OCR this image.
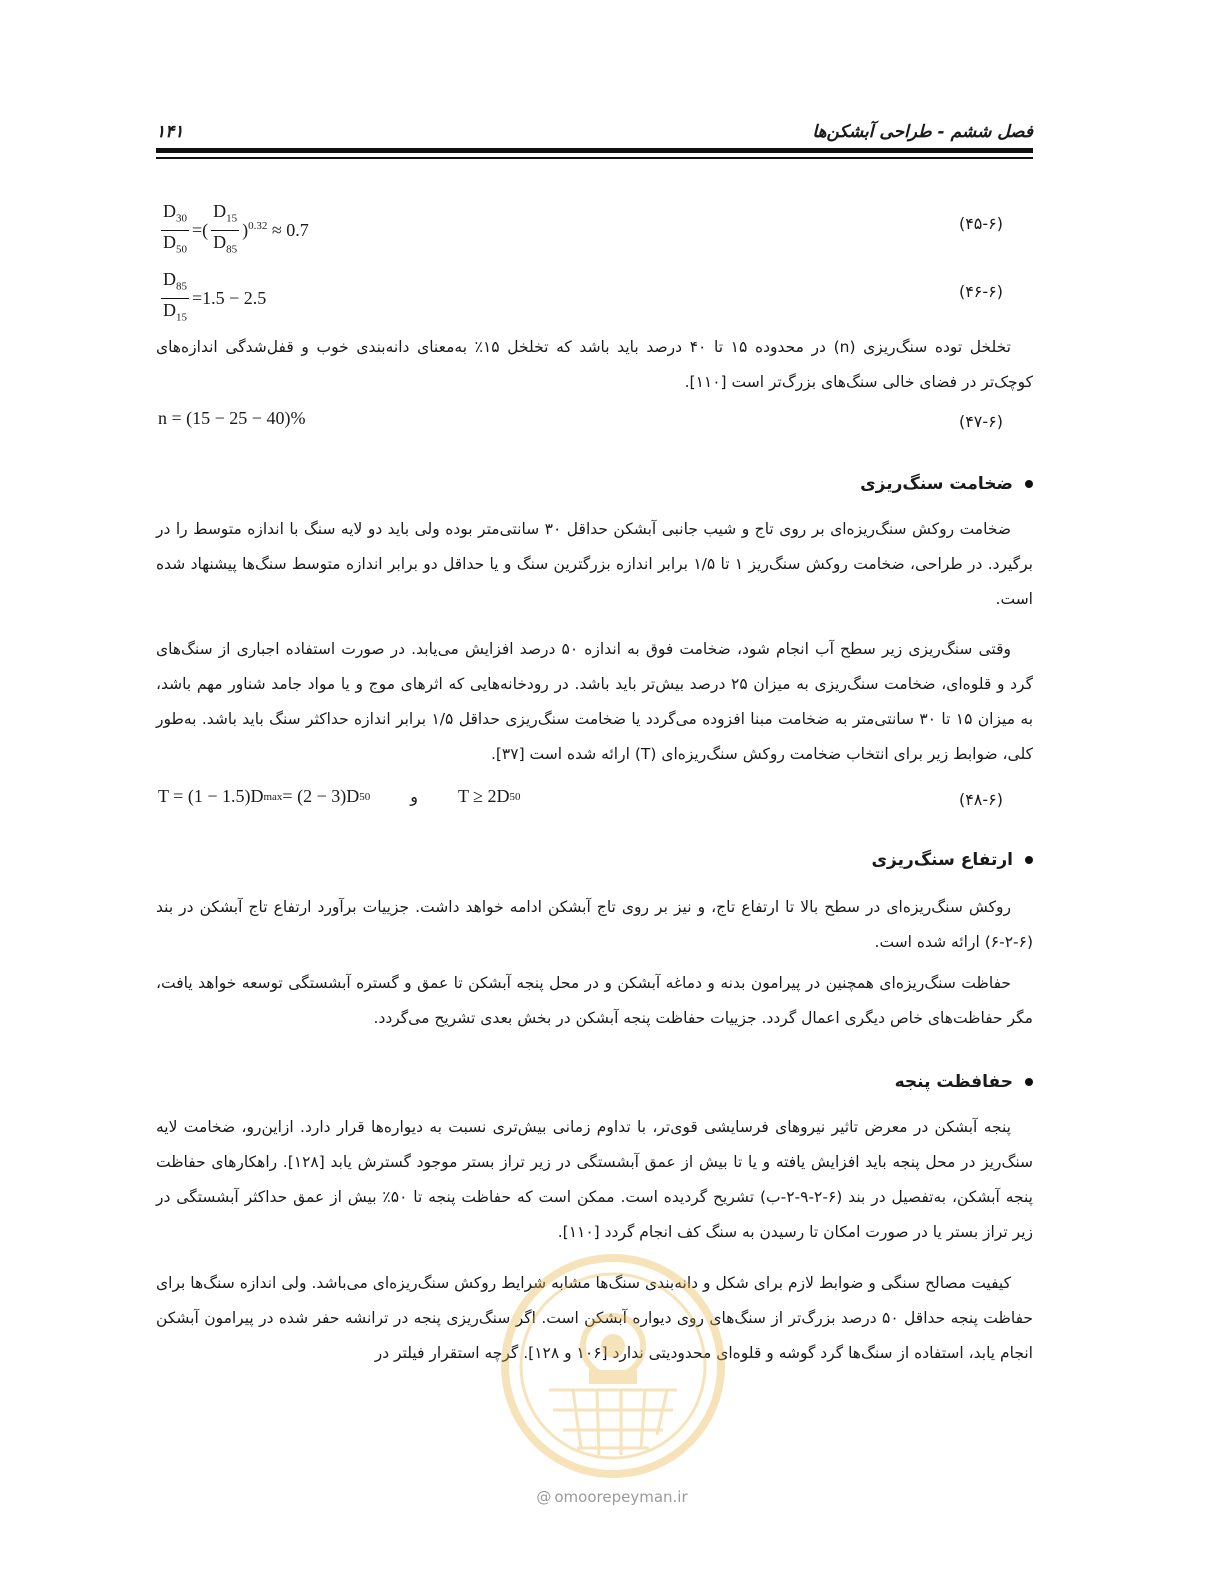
فصل ششم - طراحی آبشکن‌ها
۱۴۱
$\frac{D_{30}}{D_{50}}$ =( $\frac{D_{15}}{D_{85}} )^{0.32} \approx 0.7$	(۴۵-۶)
$\frac{D_{85}}{D_{15}} =1.5 - 2.5$	(۴۶-۶)
تخلخل توده سنگ‌ریزی (n) در محدوده ۱۵ تا ۴۰ درصد باید باشد که تخلخل ۱۵٪ به‌معنای دانه‌بندی خوب و قفل‌شدگی اندازه‌های کوچک‌تر در فضای خالی سنگ‌های بزرگ‌تر است [۱۱۰].
n = (15 − 25 − 40)%	(۴۷-۶)
ضخامت سنگ‌ریزی
ضخامت روکش سنگ‌ریزه‌ای بر روی تاج و شیب جانبی آبشکن حداقل ۳۰ سانتی‌متر بوده ولی باید دو لایه سنگ با اندازه متوسط را در برگیرد. در طراحی، ضخامت روکش سنگ‌ریز ۱ تا ۱/۵ برابر اندازه بزرگترین سنگ و یا حداقل دو برابر اندازه متوسط سنگ‌ها پیشنهاد شده است.
وقتی سنگ‌ریزی زیر سطح آب انجام شود، ضخامت فوق به اندازه ۵۰ درصد افزایش می‌یابد. در صورت استفاده اجباری از سنگ‌های گرد و قلوه‌ای، ضخامت سنگ‌ریزی به میزان ۲۵ درصد بیش‌تر باید باشد. در رودخانه‌هایی که اثرهای موج و یا مواد جامد شناور مهم باشد، به میزان ۱۵ تا ۳۰ سانتی‌متر به ضخامت مبنا افزوده می‌گردد یا ضخامت سنگ‌ریزی حداقل ۱/۵ برابر اندازه حداکثر سنگ باید باشد. به‌طور کلی، ضوابط زیر برای انتخاب ضخامت روکش سنگ‌ریزه‌ای (T) ارائه شده است [۳۷].
T = (1 − 1.5)D max = (2 − 3)D 50	و T ≥ 2D 50	(۴۸-۶)
ارتفاع سنگ‌ریزی
روکش سنگ‌ریزه‌ای در سطح بالا تا ارتفاع تاج، و نیز بر روی تاج آبشکن ادامه خواهد داشت. جزییات برآورد ارتفاع تاج آبشکن در بند (۶-۲-۶) ارائه شده است.
حفاظت سنگ‌ریزه‌ای همچنین در پیرامون بدنه و دماغه آبشکن و در محل پنجه آبشکن تا عمق و گستره آبشستگی توسعه خواهد یافت، مگر حفاظت‌های خاص دیگری اعمال گردد. جزییات حفاظت پنجه آبشکن در بخش بعدی تشریح می‌گردد.
حفافظت پنجه
پنجه آبشکن در معرض تاثیر نیروهای فرسایشی قوی‌تر، با تداوم زمانی بیش‌تری نسبت به دیواره‌ها قرار دارد. ازاین‌رو، ضخامت لایه سنگ‌ریز در محل پنجه باید افزایش یافته و یا تا بیش از عمق آبشستگی در زیر تراز بستر موجود گسترش یابد [۱۲۸]. راهکارهای حفاظت پنجه آبشکن، به‌تفصیل در بند (۶-۲-۹-۲-ب) تشریح گردیده است. ممکن است که حفاظت پنجه تا ۵۰٪ بیش از عمق حداکثر آبشستگی در زیر تراز بستر یا در صورت امکان تا رسیدن به سنگ کف انجام گردد [۱۱۰].
کیفیت مصالح سنگی و ضوابط لازم برای شکل و دانه‌بندی سنگ‌ها مشابه شرایط روکش سنگ‌ریزه‌ای می‌باشد. ولی اندازه سنگ‌ها برای حفاظت پنجه حداقل ۵۰ درصد بزرگ‌تر از سنگ‌های روی دیواره آبشکن است. اگر سنگ‌ریزی پنجه در ترانشه حفر شده در پیرامون آبشکن انجام یابد، استفاده از سنگ‌ها گرد گوشه و قلوه‌ای محدودیتی ندارد [۱۰۶ و ۱۲۸]. گرچه استقرار فیلتر در
@ omoorepeyman.ir
